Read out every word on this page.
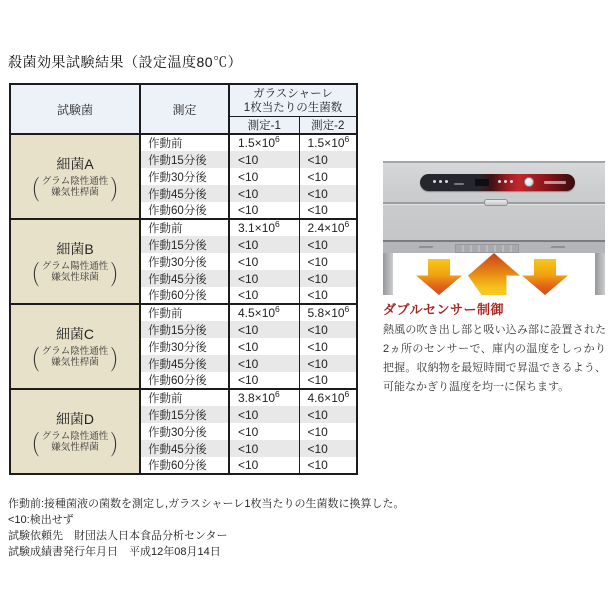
殺菌効果試験結果（設定温度80℃）
試験菌	測定	ガラスシャーレ
1枚当たりの生菌数	

		測定-1	測定-2

細菌A
（ グラム陰性通性
嫌気性桿菌 ）	作動前	$1.5\times 10^6$	$1.5\times 10^6$
	作動15分後	<10	<10
	作動30分後	<10	<10
	作動45分後	<10	<10
	作動60分後	<10	<10

細菌B
（ グラム陽性通性
嫌気性球菌 ）	作動前	$3.1\times 10^6$	$2.4\times 10^6$
	作動15分後	<10	<10
	作動30分後	<10	<10
	作動45分後	<10	<10
	作動60分後	<10	<10

細菌C
（ グラム陰性通性
嫌気性桿菌 ）	作動前	$4.5\times 10^6$	$5.8\times 10^6$
	作動15分後	<10	<10
	作動30分後	<10	<10
	作動45分後	<10	<10
	作動60分後	<10	<10

細菌D
（ グラム陰性通性
嫌気性桿菌 ）	作動前	$3.8\times 10^6$	$4.6\times 10^6$
	作動15分後	<10	<10
	作動30分後	<10	<10
	作動45分後	<10	<10
	作動60分後	<10	<10
作動前:接種菌液の菌数を測定し,ガラスシャーレ1枚当たりの生菌数に換算した。
<10:検出せず
試験依頼先　財団法人日本食品分析センター
試験成績書発行年月日　平成12年08月14日
ダブルセンサー制御
熱風の吹き出し部と吸い込み部に設置された2ヵ所のセンサーで、庫内の温度をしっかり把握。収納物を最短時間で昇温できるよう、可能なかぎり温度を均一に保ちます。
